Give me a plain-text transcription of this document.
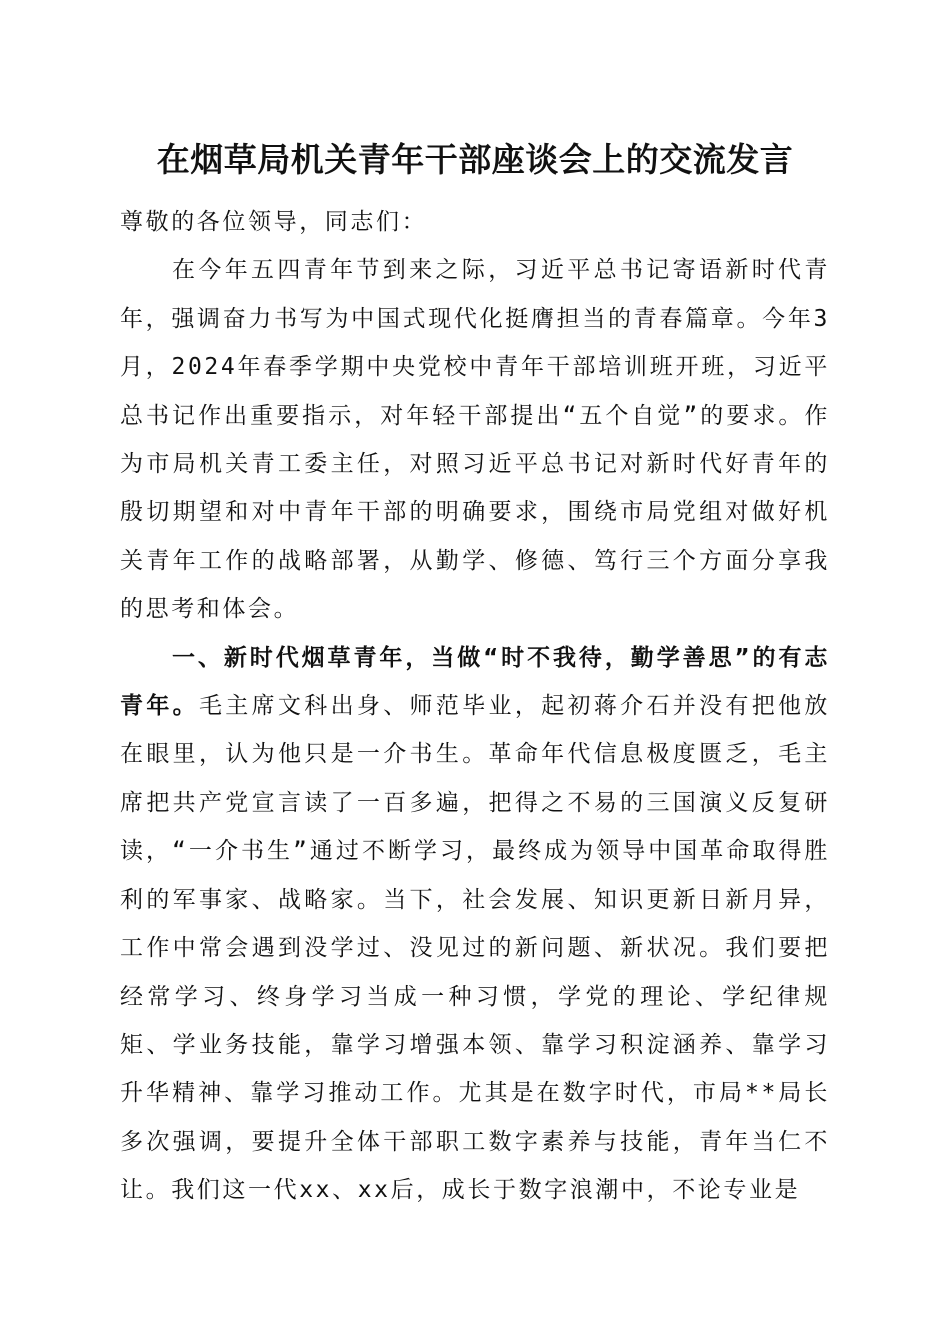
在烟草局机关青年干部座谈会上的交流发言

尊敬的各位领导，同志们：

在今年五四青年节到来之际，习近平总书记寄语新时代青年，强调奋力书写为中国式现代化挺膺担当的青春篇章。今年3月，2024年春季学期中央党校中青年干部培训班开班，习近平总书记作出重要指示，对年轻干部提出“五个自觉”的要求。作为市局机关青工委主任，对照习近平总书记对新时代好青年的殷切期望和对中青年干部的明确要求，围绕市局党组对做好机关青年工作的战略部署，从勤学、修德、笃行三个方面分享我的思考和体会。

一、新时代烟草青年，当做“时不我待，勤学善思”的有志青年。毛主席文科出身、师范毕业，起初蒋介石并没有把他放在眼里，认为他只是一介书生。革命年代信息极度匮乏，毛主席把共产党宣言读了一百多遍，把得之不易的三国演义反复研读，“一介书生”通过不断学习，最终成为领导中国革命取得胜利的军事家、战略家。当下，社会发展、知识更新日新月异，工作中常会遇到没学过、没见过的新问题、新状况。我们要把经常学习、终身学习当成一种习惯，学党的理论、学纪律规矩、学业务技能，靠学习增强本领、靠学习积淀涵养、靠学习升华精神、靠学习推动工作。尤其是在数字时代，市局**局长多次强调，要提升全体干部职工数字素养与技能，青年当仁不让。我们这一代xx、xx后，成长于数字浪潮中，不论专业是
